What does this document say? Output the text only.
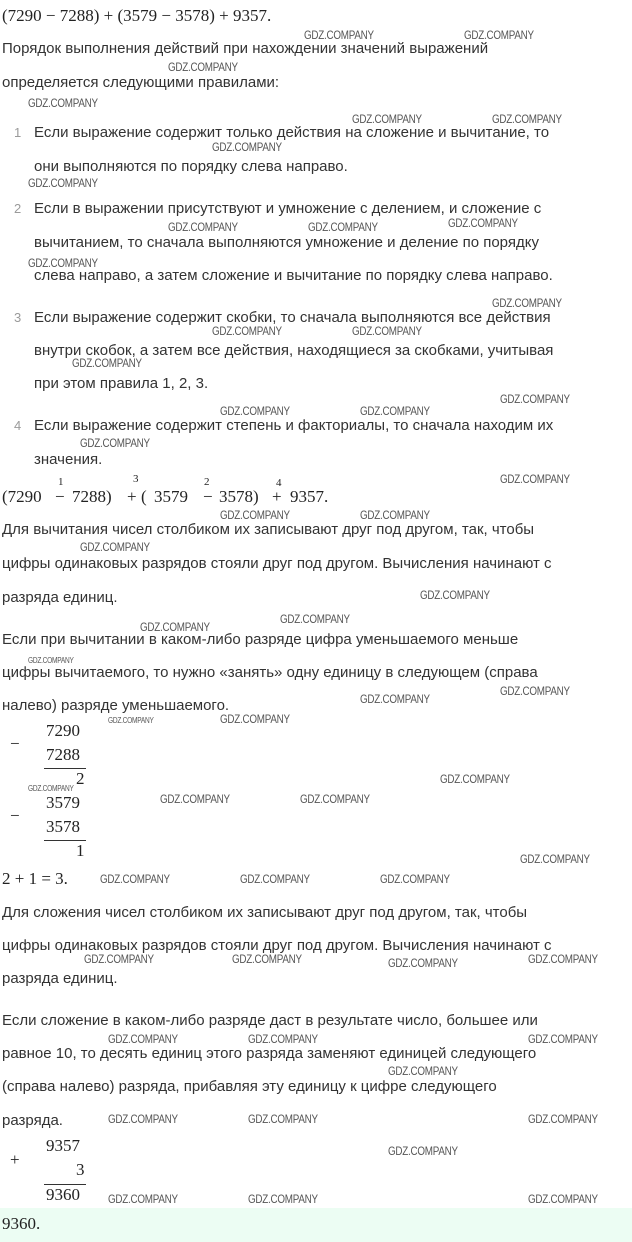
(7290 − 7288) + (3579 − 3578) + 9357.
Порядок выполнения действий при нахождении значений выражений
определяется следующими правилами:
1 Если выражение содержит только действия на сложение и вычитание, то
они выполняются по порядку слева направо.
2 Если в выражении присутствуют и умножение с делением, и сложение с
вычитанием, то сначала выполняются умножение и деление по порядку
слева направо, а затем сложение и вычитание по порядку слева направо.
3 Если выражение содержит скобки, то сначала выполняются все действия
внутри скобок, а затем все действия, находящиеся за скобками, учитывая
при этом правила 1, 2, 3.
4 Если выражение содержит степень и факториалы, то сначала находим их
значения.
(7290 −
1
7288) +
3
( 3579 −
2
3578) +
4
9357.
Для вычитания чисел столбиком их записывают друг под другом, так, чтобы
цифры одинаковых разрядов стояли друг под другом. Вычисления начинают с
разряда единиц.
Если при вычитании в каком-либо разряде цифра уменьшаемого меньше
цифры вычитаемого, то нужно «занять» одну единицу в следующем (справа
налево) разряде уменьшаемого.
−
7290
7288
2
−
3579
3578
1
2 + 1 = 3.
Для сложения чисел столбиком их записывают друг под другом, так, чтобы
цифры одинаковых разрядов стояли друг под другом. Вычисления начинают с
разряда единиц.
Если сложение в каком-либо разряде даст в результате число, большее или
равное 10, то десять единиц этого разряда заменяют единицей следующего
(справа налево) разряда, прибавляя эту единицу к цифре следующего
разряда.
+
9357
3
9360
9360.
GDZ.COMPANY	GDZ.COMPANY
GDZ.COMPANY
GDZ.COMPANY
GDZ.COMPANY	GDZ.COMPANY
GDZ.COMPANY
GDZ.COMPANY
GDZ.COMPANY	GDZ.COMPANY	GDZ.COMPANY
GDZ.COMPANY
GDZ.COMPANY
GDZ.COMPANY	GDZ.COMPANY
GDZ.COMPANY
GDZ.COMPANY
GDZ.COMPANY	GDZ.COMPANY
GDZ.COMPANY
GDZ.COMPANY
GDZ.COMPANY	GDZ.COMPANY
GDZ.COMPANY
GDZ.COMPANY
GDZ.COMPANY
GDZ.COMPANY
GDZ.COMPANY
GDZ.COMPANY
GDZ.COMPANY
GDZ.COMPANY
GDZ.COMPANY
GDZ.COMPANY
GDZ.COMPANY
GDZ.COMPANY	GDZ.COMPANY
GDZ.COMPANY
GDZ.COMPANY	GDZ.COMPANY	GDZ.COMPANY
GDZ.COMPANY	GDZ.COMPANY	GDZ.COMPANY	GDZ.COMPANY
GDZ.COMPANY	GDZ.COMPANY	GDZ.COMPANY
GDZ.COMPANY
GDZ.COMPANY	GDZ.COMPANY	GDZ.COMPANY
GDZ.COMPANY
GDZ.COMPANY	GDZ.COMPANY	GDZ.COMPANY
